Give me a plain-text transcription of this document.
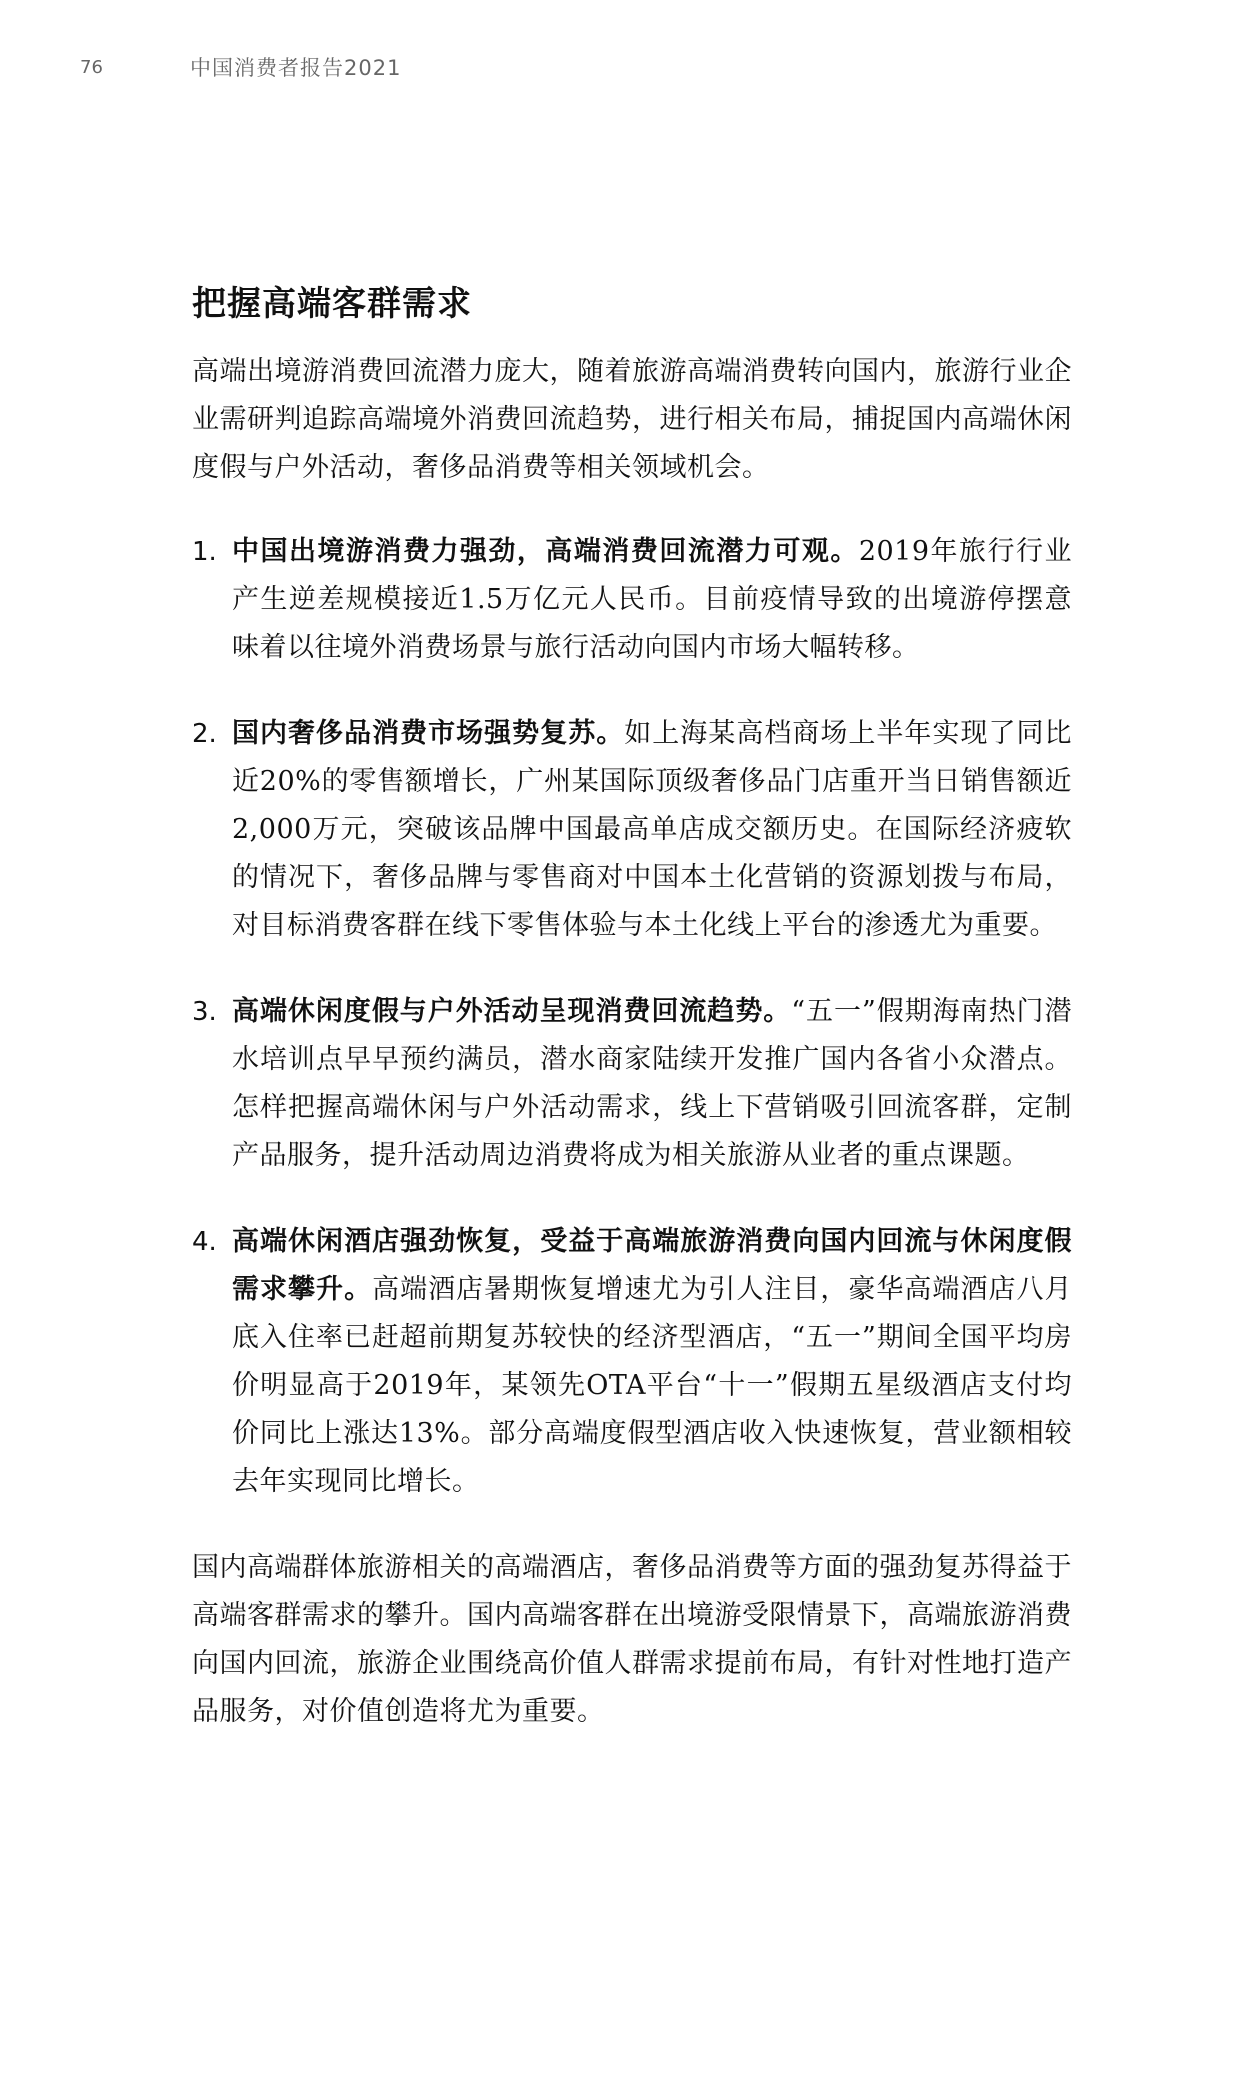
76	中国消费者报告2021
把握高端客群需求

高端出境游消费回流潜力庞大，随着旅游高端消费转向国内，旅游行业企业需研判追踪高端境外消费回流趋势，进行相关布局，捕捉国内高端休闲度假与户外活动，奢侈品消费等相关领域机会。

1. 中国出境游消费力强劲，高端消费回流潜力可观。2019年旅行行业产生逆差规模接近1.5万亿元人民币。目前疫情导致的出境游停摆意味着以往境外消费场景与旅行活动向国内市场大幅转移。
2. 国内奢侈品消费市场强势复苏。如上海某高档商场上半年实现了同比近20%的零售额增长，广州某国际顶级奢侈品门店重开当日销售额近2,000万元，突破该品牌中国最高单店成交额历史。在国际经济疲软的情况下，奢侈品牌与零售商对中国本土化营销的资源划拨与布局，对目标消费客群在线下零售体验与本土化线上平台的渗透尤为重要。
3. 高端休闲度假与户外活动呈现消费回流趋势。“五一”假期海南热门潜水培训点早早预约满员，潜水商家陆续开发推广国内各省小众潜点。怎样把握高端休闲与户外活动需求，线上下营销吸引回流客群，定制产品服务，提升活动周边消费将成为相关旅游从业者的重点课题。
4. 高端休闲酒店强劲恢复，受益于高端旅游消费向国内回流与休闲度假需求攀升。高端酒店暑期恢复增速尤为引人注目，豪华高端酒店八月底入住率已赶超前期复苏较快的经济型酒店，“五一”期间全国平均房价明显高于2019年，某领先OTA平台“十一”假期五星级酒店支付均价同比上涨达13%。部分高端度假型酒店收入快速恢复，营业额相较去年实现同比增长。

国内高端群体旅游相关的高端酒店，奢侈品消费等方面的强劲复苏得益于高端客群需求的攀升。国内高端客群在出境游受限情景下，高端旅游消费向国内回流，旅游企业围绕高价值人群需求提前布局，有针对性地打造产品服务，对价值创造将尤为重要。
